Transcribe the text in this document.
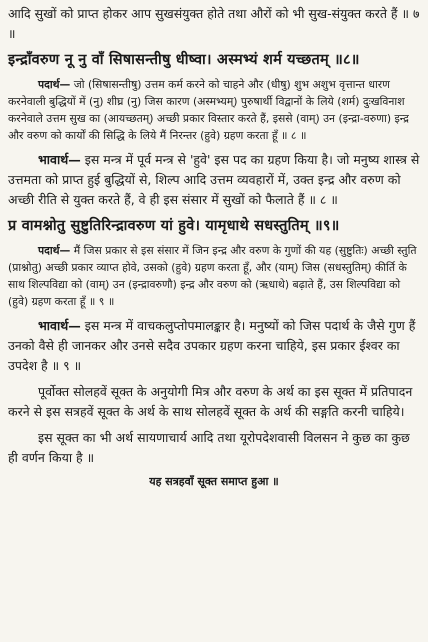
आदि सुखों को प्राप्त होकर आप सुखसंयुक्त होते तथा औरों को भी सुख-संयुक्त करते हैं ॥ ७ ॥
इन्द्राँवरुण नू नु वाँ सिषासन्तीषु धीष्वा। अस्मभ्यं शर्म यच्छतम् ॥८॥
पदार्थ— जो (सिषासन्तीषु) उत्तम कर्म करने को चाहने और (धीषु) शुभ अशुभ वृत्तान्त धारण करनेवाली बुद्धियों में (नु) शीघ्र (नु) जिस कारण (अस्मभ्यम्) पुरुषार्थी विद्वानों के लिये (शर्म) दुःखविनाश करनेवाले उत्तम सुख का (आयच्छतम्) अच्छी प्रकार विस्तार करते हैं, इससे (वाम्) उन (इन्द्रा-वरुणा) इन्द्र और वरुण को कार्यों की सिद्धि के लिये मैं निरन्तर (हुवे) ग्रहण करता हूँ ॥ ८ ॥
भावार्थ— इस मन्त्र में पूर्व मन्त्र से 'हुवे' इस पद का ग्रहण किया है। जो मनुष्य शास्त्र से उत्तमता को प्राप्त हुई बुद्धियों से, शिल्प आदि उत्तम व्यवहारों में, उक्त इन्द्र और वरुण को अच्छी रीति से युक्त करते हैं, वे ही इस संसार में सुखों को फैलाते हैं ॥ ८ ॥
प्र वामश्नोतु सुष्टुतिरिन्द्रावरुण यां हुवे। यामृधाथे सधस्तुतिम् ॥९॥
पदार्थ— मैं जिस प्रकार से इस संसार में जिन इन्द्र और वरुण के गुणों की यह (सुष्टुतिः) अच्छी स्तुति (प्राश्नोतु) अच्छी प्रकार व्याप्त होवे, उसको (हुवे) ग्रहण करता हूँ, और (याम्) जिस (सधस्तुतिम्) कीर्ति के साथ शिल्पविद्या को (वाम्) उन (इन्द्रावरुणौ) इन्द्र और वरुण को (ऋधाथे) बढ़ाते हैं, उस शिल्पविद्या को (हुवे) ग्रहण करता हूँ ॥ ९ ॥
भावार्थ— इस मन्त्र में वाचकलुप्तोपमालङ्कार है। मनुष्यों को जिस पदार्थ के जैसे गुण हैं उनको वैसे ही जानकर और उनसे सदैव उपकार ग्रहण करना चाहिये, इस प्रकार ईश्वर का उपदेश है ॥ ९ ॥
पूर्वोक्त सोलहवें सूक्त के अनुयोगी मित्र और वरुण के अर्थ का इस सूक्त में प्रतिपादन करने से इस सत्रहवें सूक्त के अर्थ के साथ सोलहवें सूक्त के अर्थ की सङ्गति करनी चाहिये।
इस सूक्त का भी अर्थ सायणाचार्य आदि तथा यूरोपदेशवासी विलसन ने कुछ का कुछ ही वर्णन किया है ॥
यह सत्रहवाँ सूक्त समाप्त हुआ ॥
